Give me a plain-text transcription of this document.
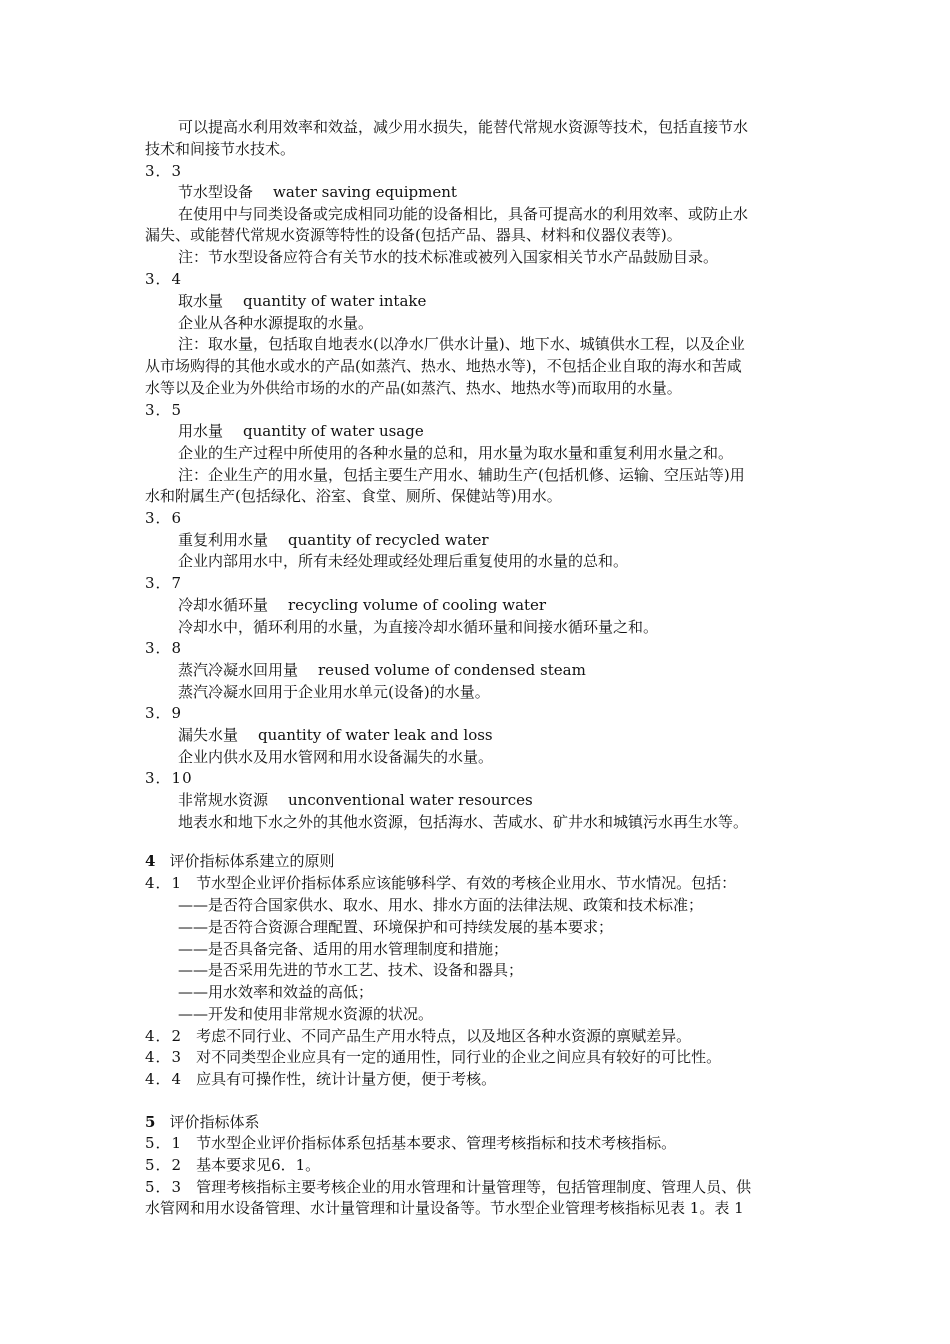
可以提高水利用效率和效益，减少用水损失，能替代常规水资源等技术，包括直接节水
技术和间接节水技术。
3．3
节水型设备 water saving equipment
在使用中与同类设备或完成相同功能的设备相比，具备可提高水的利用效率、或防止水
漏失、或能替代常规水资源等特性的设备(包括产品、器具、材料和仪器仪表等)。
注：节水型设备应符合有关节水的技术标准或被列入国家相关节水产品鼓励目录。
3．4
取水量 quantity of water intake
企业从各种水源提取的水量。
注：取水量，包括取自地表水(以净水厂供水计量)、地下水、城镇供水工程，以及企业
从市场购得的其他水或水的产品(如蒸汽、热水、地热水等)，不包括企业自取的海水和苦咸
水等以及企业为外供给市场的水的产品(如蒸汽、热水、地热水等)而取用的水量。
3．5
用水量 quantity of water usage
企业的生产过程中所使用的各种水量的总和，用水量为取水量和重复利用水量之和。
注：企业生产的用水量，包括主要生产用水、辅助生产(包括机修、运输、空压站等)用
水和附属生产(包括绿化、浴室、食堂、厕所、保健站等)用水。
3．6
重复利用水量 quantity of recycled water
企业内部用水中，所有未经处理或经处理后重复使用的水量的总和。
3．7
冷却水循环量 recycling volume of cooling water
冷却水中，循环利用的水量，为直接冷却水循环量和间接水循环量之和。
3．8
蒸汽冷凝水回用量 reused volume of condensed steam
蒸汽冷凝水回用于企业用水单元(设备)的水量。
3．9
漏失水量 quantity of water leak and loss
企业内供水及用水管网和用水设备漏失的水量。
3．10
非常规水资源 unconventional water resources
地表水和地下水之外的其他水资源，包括海水、苦咸水、矿井水和城镇污水再生水等。
4 评价指标体系建立的原则
4．1 节水型企业评价指标体系应该能够科学、有效的考核企业用水、节水情况。包括：
——是否符合国家供水、取水、用水、排水方面的法律法规、政策和技术标准；
——是否符合资源合理配置、环境保护和可持续发展的基本要求；
——是否具备完备、适用的用水管理制度和措施；
——是否采用先进的节水工艺、技术、设备和器具；
——用水效率和效益的高低；
——开发和使用非常规水资源的状况。
4．2 考虑不同行业、不同产品生产用水特点，以及地区各种水资源的禀赋差异。
4．3 对不同类型企业应具有一定的通用性，同行业的企业之间应具有较好的可比性。
4．4 应具有可操作性，统计计量方便，便于考核。
5 评价指标体系
5．1 节水型企业评价指标体系包括基本要求、管理考核指标和技术考核指标。
5．2 基本要求见6．1。
5．3 管理考核指标主要考核企业的用水管理和计量管理等，包括管理制度、管理人员、供
水管网和用水设备管理、水计量管理和计量设备等。节水型企业管理考核指标见表 1。表 1
